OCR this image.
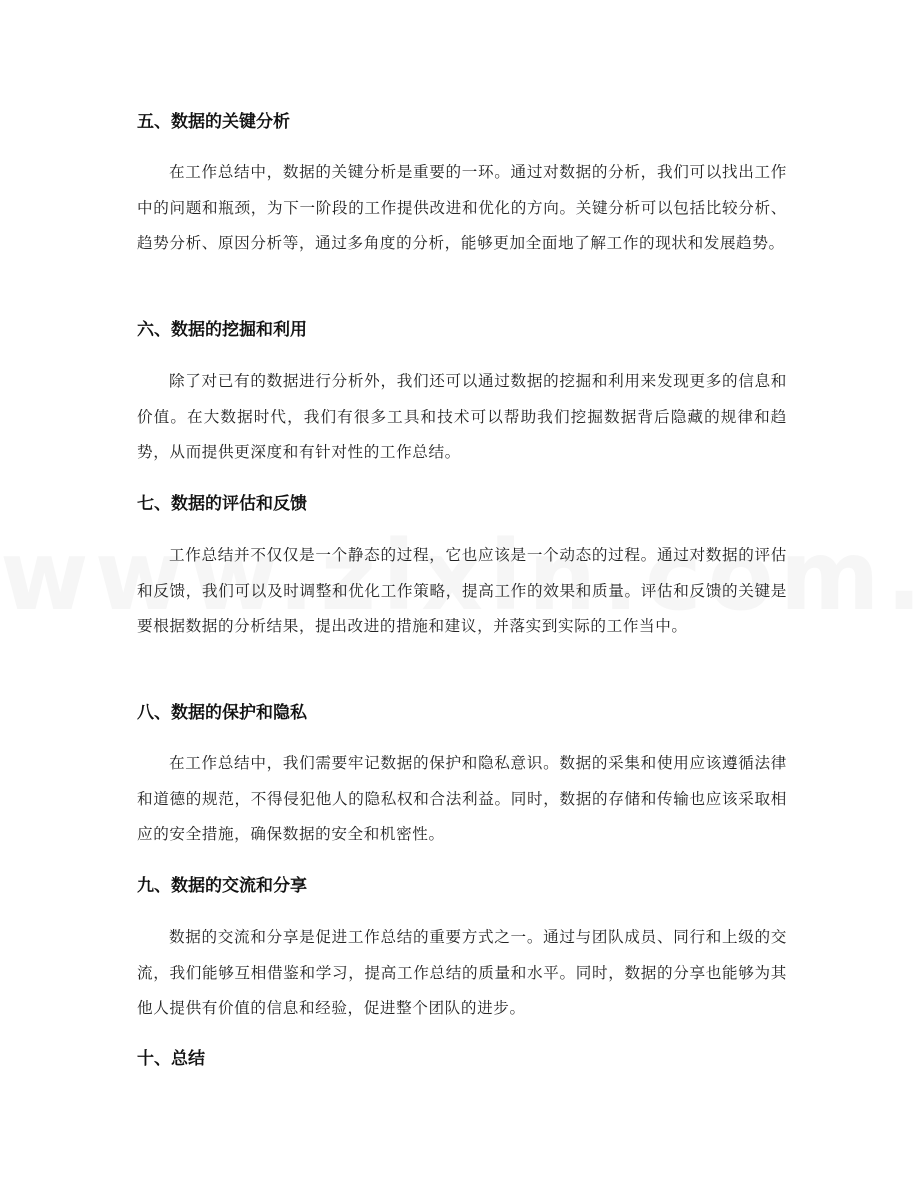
五、数据的关键分析

在工作总结中，数据的关键分析是重要的一环。通过对数据的分析，我们可以找出工作中的问题和瓶颈，为下一阶段的工作提供改进和优化的方向。关键分析可以包括比较分析、趋势分析、原因分析等，通过多角度的分析，能够更加全面地了解工作的现状和发展趋势。

六、数据的挖掘和利用

除了对已有的数据进行分析外，我们还可以通过数据的挖掘和利用来发现更多的信息和价值。在大数据时代，我们有很多工具和技术可以帮助我们挖掘数据背后隐藏的规律和趋势，从而提供更深度和有针对性的工作总结。

七、数据的评估和反馈

工作总结并不仅仅是一个静态的过程，它也应该是一个动态的过程。通过对数据的评估和反馈，我们可以及时调整和优化工作策略，提高工作的效果和质量。评估和反馈的关键是要根据数据的分析结果，提出改进的措施和建议，并落实到实际的工作当中。

八、数据的保护和隐私

在工作总结中，我们需要牢记数据的保护和隐私意识。数据的采集和使用应该遵循法律和道德的规范，不得侵犯他人的隐私权和合法利益。同时，数据的存储和传输也应该采取相应的安全措施，确保数据的安全和机密性。

九、数据的交流和分享

数据的交流和分享是促进工作总结的重要方式之一。通过与团队成员、同行和上级的交流，我们能够互相借鉴和学习，提高工作总结的质量和水平。同时，数据的分享也能够为其他人提供有价值的信息和经验，促进整个团队的进步。

十、总结
